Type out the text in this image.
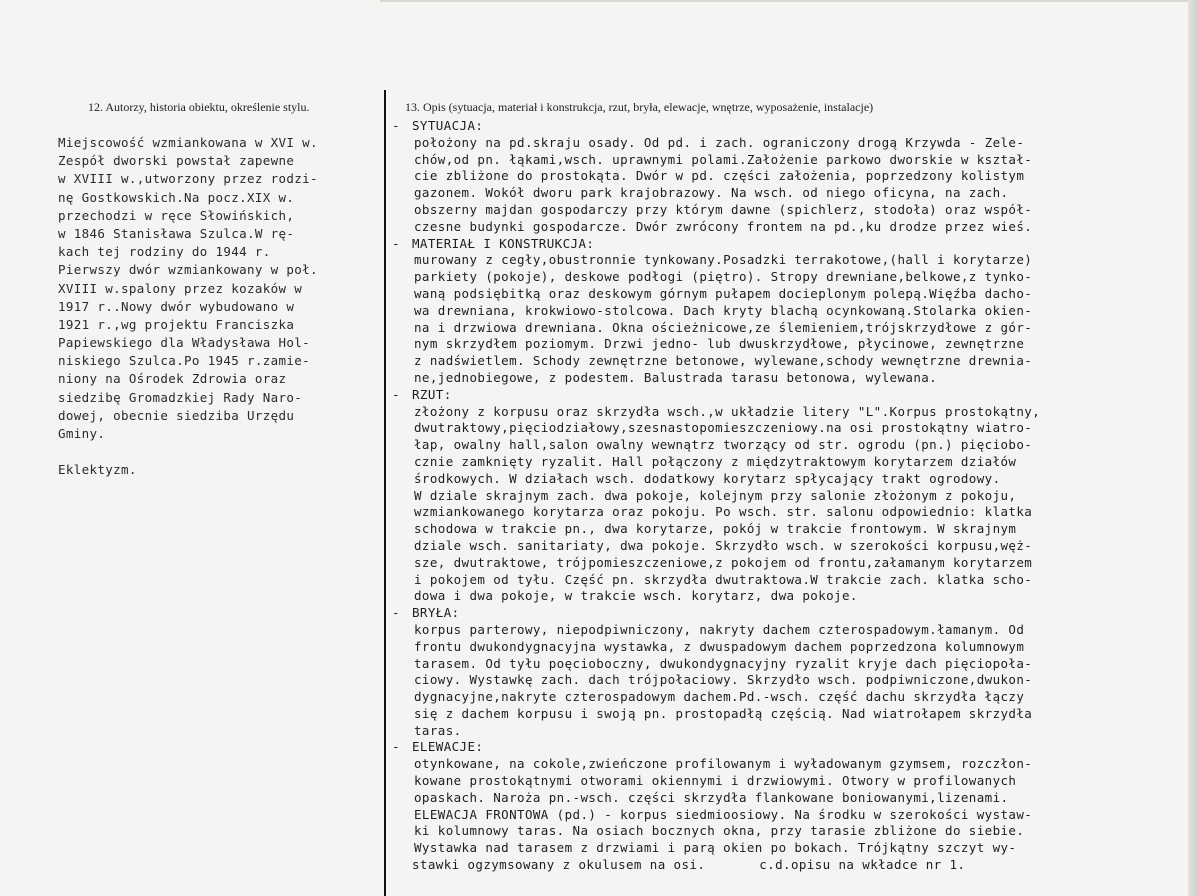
12. Autorzy, historia obiektu, określenie stylu.	13. Opis (sytuacja, materiał i konstrukcja, rzut, bryła, elewacje, wnętrze, wyposażenie, instalacje)
Miejscowość wzmiankowana w XVI w.
Zespół dworski powstał zapewne
w XVIII w.,utworzony przez rodzi-
nę Gostkowskich.Na pocz.XIX w.
przechodzi w ręce Słowińskich,
w 1846 Stanisława Szulca.W rę-
kach tej rodziny do 1944 r.
Pierwszy dwór wzmiankowany w poł.
XVIII w.spalony przez kozaków w
1917 r..Nowy dwór wybudowano w
1921 r.,wg projektu Franciszka
Papiewskiego dla Władysława Hol-
niskiego Szulca.Po 1945 r.zamie-
niony na Ośrodek Zdrowia oraz
siedzibę Gromadzkiej Rady Naro-
dowej, obecnie siedziba Urzędu
Gminy.
Eklektyzm.
- SYTUACJA:
położony na pd.skraju osady. Od pd. i zach. ograniczony drogą Krzywda - Zele-
chów,od pn. łąkami,wsch. uprawnymi polami.Założenie parkowo dworskie w kształ-
cie zbliżone do prostokąta. Dwór w pd. części założenia, poprzedzony kolistym
gazonem. Wokół dworu park krajobrazowy. Na wsch. od niego oficyna, na zach.
obszerny majdan gospodarczy przy którym dawne (spichlerz, stodoła) oraz współ-
czesne budynki gospodarcze. Dwór zwrócony frontem na pd.,ku drodze przez wieś.
- MATERIAŁ I KONSTRUKCJA:
murowany z cegły,obustronnie tynkowany.Posadzki terrakotowe,(hall i korytarze)
parkiety (pokoje), deskowe podłogi (piętro). Stropy drewniane,belkowe,z tynko-
waną podsiębitką oraz deskowym górnym pułapem docieplonym polepą.Więźba dacho-
wa drewniana, krokwiowo-stolcowa. Dach kryty blachą ocynkowaną.Stolarka okien-
na i drzwiowa drewniana. Okna ościeżnicowe,ze ślemieniem,trójskrzydłowe z gór-
nym skrzydłem poziomym. Drzwi jedno- lub dwuskrzydłowe, płycinowe, zewnętrzne
z nadświetlem. Schody zewnętrzne betonowe, wylewane,schody wewnętrzne drewnia-
ne,jednobiegowe, z podestem. Balustrada tarasu betonowa, wylewana.
- RZUT:
złożony z korpusu oraz skrzydła wsch.,w układzie litery "L".Korpus prostokątny,
dwutraktowy,pięciodziałowy,szesnastopomieszczeniowy.na osi prostokątny wiatro-
łap, owalny hall,salon owalny wewnątrz tworzący od str. ogrodu (pn.) pięciobo-
cznie zamknięty ryzalit. Hall połączony z międzytraktowym korytarzem działów
środkowych. W działach wsch. dodatkowy korytarz spłycający trakt ogrodowy.
W dziale skrajnym zach. dwa pokoje, kolejnym przy salonie złożonym z pokoju,
wzmiankowanego korytarza oraz pokoju. Po wsch. str. salonu odpowiednio: klatka
schodowa w trakcie pn., dwa korytarze, pokój w trakcie frontowym. W skrajnym
dziale wsch. sanitariaty, dwa pokoje. Skrzydło wsch. w szerokości korpusu,węż-
sze, dwutraktowe, trójpomieszczeniowe,z pokojem od frontu,załamanym korytarzem
i pokojem od tyłu. Część pn. skrzydła dwutraktowa.W trakcie zach. klatka scho-
dowa i dwa pokoje, w trakcie wsch. korytarz, dwa pokoje.
- BRYŁA:
korpus parterowy, niepodpiwniczony, nakryty dachem czterospadowym.łamanym. Od
frontu dwukondygnacyjna wystawka, z dwuspadowym dachem poprzedzona kolumnowym
tarasem. Od tyłu poęcioboczny, dwukondygnacyjny ryzalit kryje dach pięciopoła-
ciowy. Wystawkę zach. dach trójpołaciowy. Skrzydło wsch. podpiwniczone,dwukon-
dygnacyjne,nakryte czterospadowym dachem.Pd.-wsch. część dachu skrzydła łączy
się z dachem korpusu i swoją pn. prostopadłą częścią. Nad wiatrołapem skrzydła
taras.
- ELEWACJE:
otynkowane, na cokole,zwieńczone profilowanym i wyładowanym gzymsem, rozczłon-
kowane prostokątnymi otworami okiennymi i drzwiowymi. Otwory w profilowanych
opaskach. Naroża pn.-wsch. części skrzydła flankowane boniowanymi,lizenami.
ELEWACJA FRONTOWA (pd.) - korpus siedmioosiowy. Na środku w szerokości wystaw-
ki kolumnowy taras. Na osiach bocznych okna, przy tarasie zbliżone do siebie.
Wystawka nad tarasem z drzwiami i parą okien po bokach. Trójkątny szczyt wy-
stawki ogzymsowany z okulusem na osi.	c.d.opisu na wkładce nr 1.
